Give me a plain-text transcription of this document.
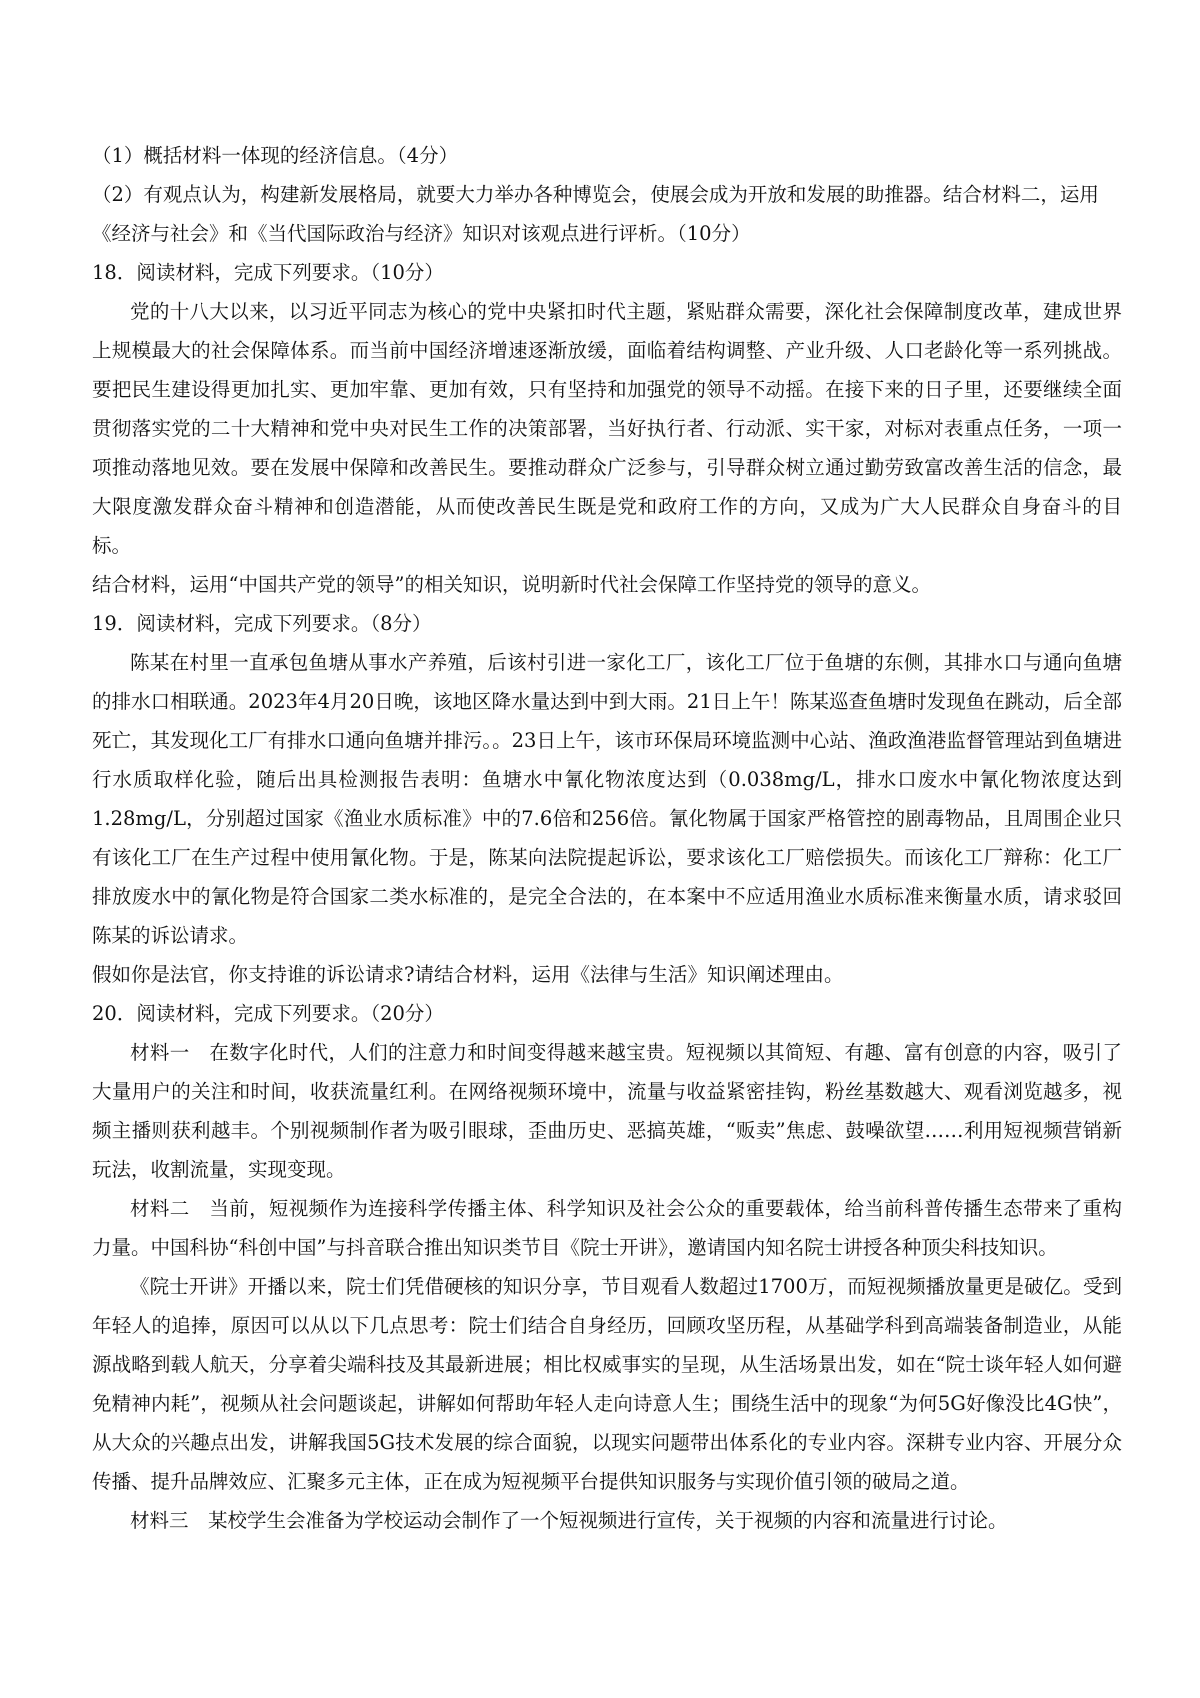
（1）概括材料一体现的经济信息。（4分）
（2）有观点认为，构建新发展格局，就要大力举办各种博览会，使展会成为开放和发展的助推器。结合材料二，运用《经济与社会》和《当代国际政治与经济》知识对该观点进行评析。（10分）
18．阅读材料，完成下列要求。（10分）
党的十八大以来，以习近平同志为核心的党中央紧扣时代主题，紧贴群众需要，深化社会保障制度改革，建成世界上规模最大的社会保障体系。而当前中国经济增速逐渐放缓，面临着结构调整、产业升级、人口老龄化等一系列挑战。要把民生建设得更加扎实、更加牢靠、更加有效，只有坚持和加强党的领导不动摇。在接下来的日子里，还要继续全面贯彻落实党的二十大精神和党中央对民生工作的决策部署，当好执行者、行动派、实干家，对标对表重点任务，一项一项推动落地见效。要在发展中保障和改善民生。要推动群众广泛参与，引导群众树立通过勤劳致富改善生活的信念，最大限度激发群众奋斗精神和创造潜能，从而使改善民生既是党和政府工作的方向，又成为广大人民群众自身奋斗的目标。
结合材料，运用“中国共产党的领导”的相关知识，说明新时代社会保障工作坚持党的领导的意义。
19．阅读材料，完成下列要求。（8分）
陈某在村里一直承包鱼塘从事水产养殖，后该村引进一家化工厂，该化工厂位于鱼塘的东侧，其排水口与通向鱼塘的排水口相联通。2023年4月20日晚，该地区降水量达到中到大雨。21日上午！陈某巡查鱼塘时发现鱼在跳动，后全部死亡，其发现化工厂有排水口通向鱼塘并排污。。23日上午，该市环保局环境监测中心站、渔政渔港监督管理站到鱼塘进行水质取样化验，随后出具检测报告表明：鱼塘水中氰化物浓度达到（0.038mg/L，排水口废水中氰化物浓度达到1.28mg/L，分别超过国家《渔业水质标准》中的7.6倍和256倍。氰化物属于国家严格管控的剧毒物品，且周围企业只有该化工厂在生产过程中使用氰化物。于是，陈某向法院提起诉讼，要求该化工厂赔偿损失。而该化工厂辩称：化工厂排放废水中的氰化物是符合国家二类水标准的，是完全合法的，在本案中不应适用渔业水质标准来衡量水质，请求驳回陈某的诉讼请求。
假如你是法官，你支持谁的诉讼请求?请结合材料，运用《法律与生活》知识阐述理由。
20．阅读材料，完成下列要求。（20分）
材料一　在数字化时代，人们的注意力和时间变得越来越宝贵。短视频以其简短、有趣、富有创意的内容，吸引了大量用户的关注和时间，收获流量红利。在网络视频环境中，流量与收益紧密挂钩，粉丝基数越大、观看浏览越多，视频主播则获利越丰。个别视频制作者为吸引眼球，歪曲历史、恶搞英雄，“贩卖”焦虑、鼓噪欲望……利用短视频营销新玩法，收割流量，实现变现。
材料二　当前，短视频作为连接科学传播主体、科学知识及社会公众的重要载体，给当前科普传播生态带来了重构力量。中国科协“科创中国”与抖音联合推出知识类节目《院士开讲》，邀请国内知名院士讲授各种顶尖科技知识。
《院士开讲》开播以来，院士们凭借硬核的知识分享，节目观看人数超过1700万，而短视频播放量更是破亿。受到年轻人的追捧，原因可以从以下几点思考：院士们结合自身经历，回顾攻坚历程，从基础学科到高端装备制造业，从能源战略到载人航天，分享着尖端科技及其最新进展；相比权威事实的呈现，从生活场景出发，如在“院士谈年轻人如何避免精神内耗”，视频从社会问题谈起，讲解如何帮助年轻人走向诗意人生；围绕生活中的现象“为何5G好像没比4G快”，从大众的兴趣点出发，讲解我国5G技术发展的综合面貌，以现实问题带出体系化的专业内容。深耕专业内容、开展分众传播、提升品牌效应、汇聚多元主体，正在成为短视频平台提供知识服务与实现价值引领的破局之道。
材料三　某校学生会准备为学校运动会制作了一个短视频进行宣传，关于视频的内容和流量进行讨论。
